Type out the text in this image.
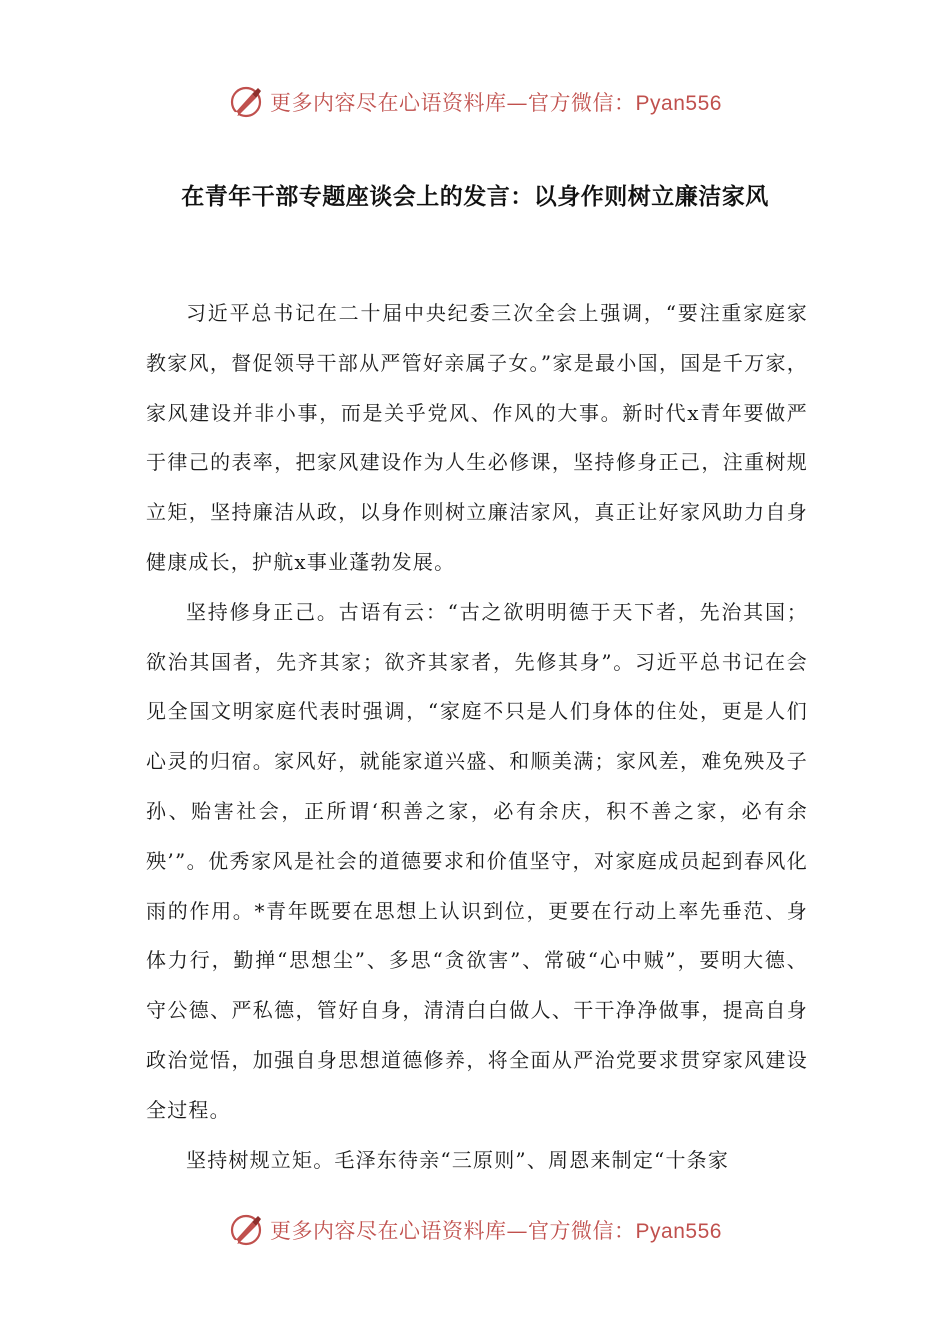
更多内容尽在心语资料库—官方微信：Pyan556
在青年干部专题座谈会上的发言：以身作则树立廉洁家风

习近平总书记在二十届中央纪委三次全会上强调，“要注重家庭家教家风，督促领导干部从严管好亲属子女。”家是最小国，国是千万家，家风建设并非小事，而是关乎党风、作风的大事。新时代x青年要做严于律己的表率，把家风建设作为人生必修课，坚持修身正己，注重树规立矩，坚持廉洁从政，以身作则树立廉洁家风，真正让好家风助力自身健康成长，护航x事业蓬勃发展。

坚持修身正己。古语有云：“古之欲明明德于天下者，先治其国；欲治其国者，先齐其家；欲齐其家者，先修其身”。习近平总书记在会见全国文明家庭代表时强调，“家庭不只是人们身体的住处，更是人们心灵的归宿。家风好，就能家道兴盛、和顺美满；家风差，难免殃及子孙、贻害社会，正所谓‘积善之家，必有余庆，积不善之家，必有余殃’”。优秀家风是社会的道德要求和价值坚守，对家庭成员起到春风化雨的作用。*青年既要在思想上认识到位，更要在行动上率先垂范、身体力行，勤掸“思想尘”、多思“贪欲害”、常破“心中贼”，要明大德、守公德、严私德，管好自身，清清白白做人、干干净净做事，提高自身政治觉悟，加强自身思想道德修养，将全面从严治党要求贯穿家风建设全过程。

坚持树规立矩。毛泽东待亲“三原则”、周恩来制定“十条家

更多内容尽在心语资料库—官方微信：Pyan556
